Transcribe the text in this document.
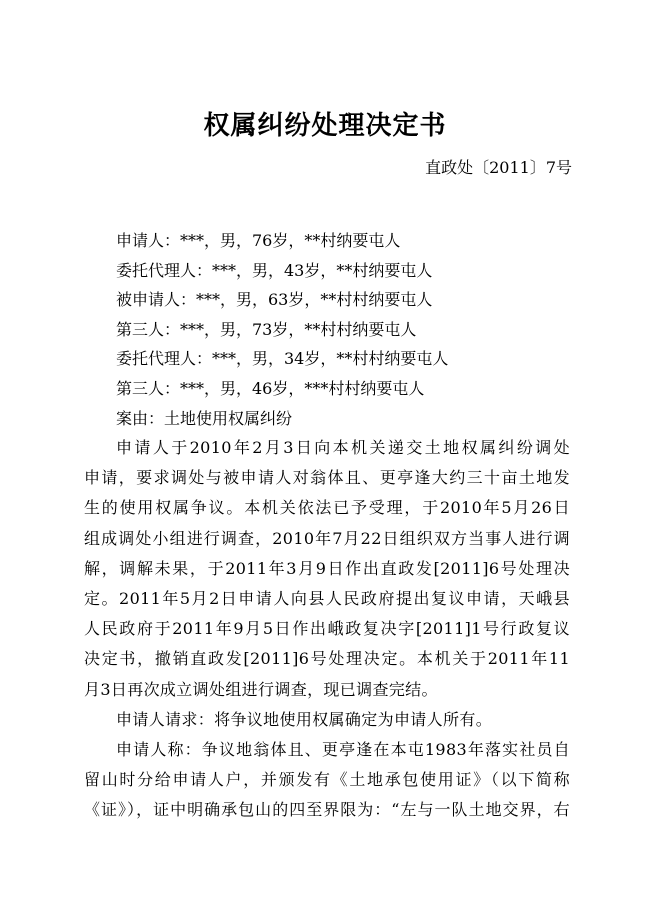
权属纠纷处理决定书
直政处〔2011〕7号
申请人：***，男，76岁，**村纳要屯人
委托代理人：***，男，43岁，**村纳要屯人
被申请人：***，男，63岁，**村村纳要屯人
第三人：***，男，73岁，**村村纳要屯人
委托代理人：***，男，34岁，**村村纳要屯人
第三人：***，男，46岁，***村村纳要屯人
案由：土地使用权属纠纷
申请人于2010年2月3日向本机关递交土地权属纠纷调处
申请，要求调处与被申请人对翁体且、更亭逢大约三十亩土地发
生的使用权属争议。本机关依法已予受理，于2010年5月26日
组成调处小组进行调查，2010年7月22日组织双方当事人进行调
解，调解未果，于2011年3月9日作出直政发[2011]6号处理决
定。2011年5月2日申请人向县人民政府提出复议申请，天峨县
人民政府于2011年9月5日作出峨政复决字[2011]1号行政复议
决定书，撤销直政发[2011]6号处理决定。本机关于2011年11
月3日再次成立调处组进行调查，现已调查完结。
申请人请求：将争议地使用权属确定为申请人所有。
申请人称：争议地翁体且、更亭逢在本屯1983年落实社员自
留山时分给申请人户，并颁发有《土地承包使用证》（以下简称
《证》），证中明确承包山的四至界限为：“左与一队土地交界，右
